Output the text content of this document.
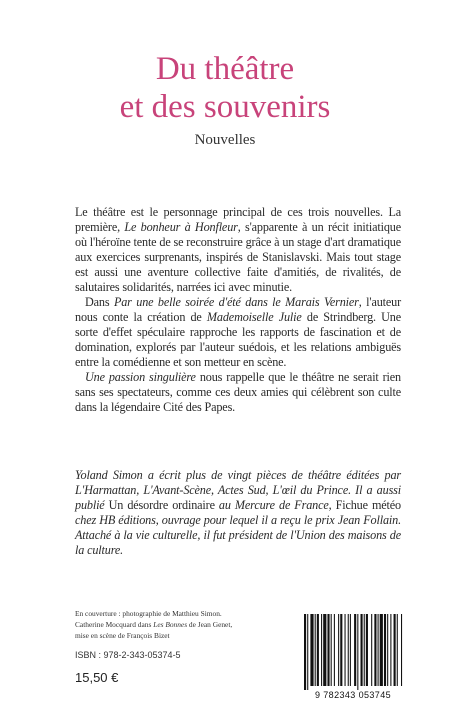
Du théâtre
et des souvenirs
Nouvelles

Le théâtre est le personnage principal de ces trois nouvelles. La première, Le bonheur à Honfleur, s'apparente à un récit initiatique où l'héroïne tente de se reconstruire grâce à un stage d'art dramatique aux exercices surprenants, inspirés de Stanislavski. Mais tout stage est aussi une aventure collective faite d'amitiés, de rivalités, de salutaires solidarités, narrées ici avec minutie.

Dans Par une belle soirée d'été dans le Marais Vernier, l'auteur nous conte la création de Mademoiselle Julie de Strindberg. Une sorte d'effet spéculaire rapproche les rapports de fascination et de domination, explorés par l'auteur suédois, et les relations ambiguës entre la comédienne et son metteur en scène.

Une passion singulière nous rappelle que le théâtre ne serait rien sans ses spectateurs, comme ces deux amies qui célèbrent son culte dans la légendaire Cité des Papes.

Yoland Simon a écrit plus de vingt pièces de théâtre éditées par L'Harmattan, L'Avant-Scène, Actes Sud, L'œil du Prince. Il a aussi publié Un désordre ordinaire au Mercure de France, Fichue météo chez HB éditions, ouvrage pour lequel il a reçu le prix Jean Follain. Attaché à la vie culturelle, il fut président de l'Union des maisons de la culture.
En couverture : photographie de Matthieu Simon.
Catherine Mocquard dans Les Bonnes de Jean Genet,
mise en scène de François Bizet
ISBN : 978-2-343-05374-5
15,50 €
9 782343 053745
